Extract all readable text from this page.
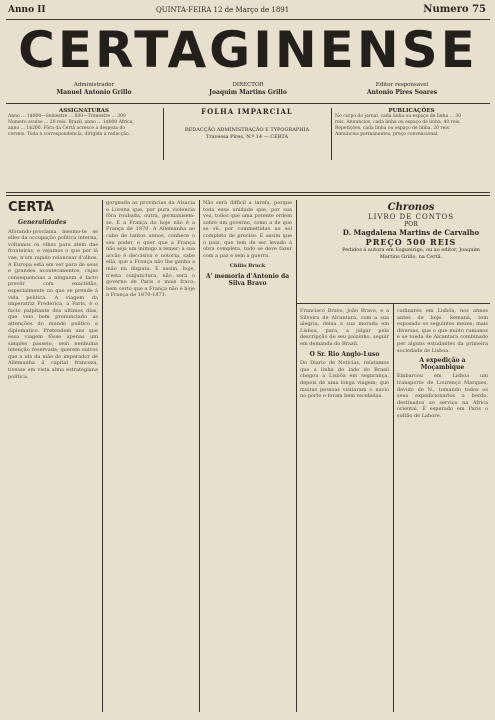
Anno II	QUINTA-FEIRA 12 de Março de 1891	Numero 75
CERTAGINENSE
Administrador
Manuel Antonio Grillo
DIRECTOR
Joaquim Martins Grillo
Editor responsavel
Antonio Pires Soares
ASSIGNATURAS
Anno ... 1$000—Semestre ... 600—Trimestre ... 300
Numero avulso ... 20 reis. Brazil, anno ... 1$800 Africa,
anno ... 1$200. Fóra da Certã acresce a despeza do
correio. Toda a correspondencia, dirigida á redacção.
FOLHA IMPARCIAL
REDACÇÃO ADMINISTRAÇÃO E TYPOGRAPHIA
Travessa Pires, N.º 14 — CERTA
PUBLICAÇÕES
No corpo do jornal, cada linha ou espaço de linha ... 30
reis. Annuncios, cada linha ou espaço de linha, 40 reis.
Repetições, cada linha ou espaço de linha, 20 reis.
Annuncios permanentes, preço convencional.
CERTÃ
Generalidades
Aforando-proclama mesmo-te se elles da occupação politica interna, voltamos os olhos para além das fronteiras, e vejamos o que por lá vae, n'um rapido relancear d'olhos. A Europa está em ver para de seus e grandes acontecimentos, cujas consequencias a ninguem é facto prevêr com exactidão, especialmente no que se prende á vida politica. A viagem da imperatriz Frederica, a Paris, é o facto palpitante dos ultimos dias, que veio bem pronunciado as attenções do mundo politico e diplomatico. Pretendem uns que essa viagem fôsse apenas um simples passeio, sem nenhuma intenção reservada; querem outros que a ida da mãe do imperador de Allemanha á capital franceza, tivesse em vista alma estrategiana politica.
gorgeada as provincias da Alsacia e Lorena que, por pura violencia fôra roubada, outra, germanisem-se. E a França do hoje não é a França de 1870. A Allemanha ao cabo de tantos annos, conhece o seu poder, e quer que a França não seja um inimigo a temer; a sua accão é deccisiva e notoria, sabe ella, que a França não lhe ganha a mão na disputa. E assim, hoje, n'esta conjunctura, não será o governo de Paris o mais fraco; bem certo que a França não é hoje a França de 1870-1871.
Não será difficil a tarefa, porque toda essa unidade que, por sua vez, todos que uma potente ordem sobre um governo, como a de que se vê, por commettidas ao sol completo de preciso. E assim que o paiz, que tem de ser levado á obra completa, tudo se deve fazer com a paz e sem a guerra.
Chilio Bruck
A' memoria d'Antonio da Silva Bravo
Chronos
LIVRO DE CONTOS
POR
D. Magdalena Martins de Carvalho
PREÇO 500 REIS
Pedidos á autora em Esgueirigo, ou ao editor, Joaquim Martins Grillo, na Certã.
Francisco Bravo, João Bravo, e a Silveira de Alcantara, com a sua alegria, deixa a sua morada em Lisboa, para, a julgar pela descripção de seu paizinho, seguir em demanda do Brazil.
O Sr. Rio Anglo-Luso
Do Diario de Noticias, relatamos que a linha do lado do Brasil chegou a Lisbôa em segurança, depois de uma longa viagem; que muitas pessoas visitaram o navio no porto e foram bem recebidas.
cadinares em Lisbôa, nos annos antes de hoje. Semaná, tem esposado os seguintes mezes; mais diversas, que o que muito rumanos e se toeda de Alcantara combinado per alguns estudantes da primeira sociedade de Lisboa.
A expedição a Moçambique
Embarcou em Lisboa um transporte de Lourenço Marques, devido de N., tomando todos os seus expedicionarios a bordo, destinados ao serviço na Africa oriental. É esperado em Paris o sultão de Lahore.
